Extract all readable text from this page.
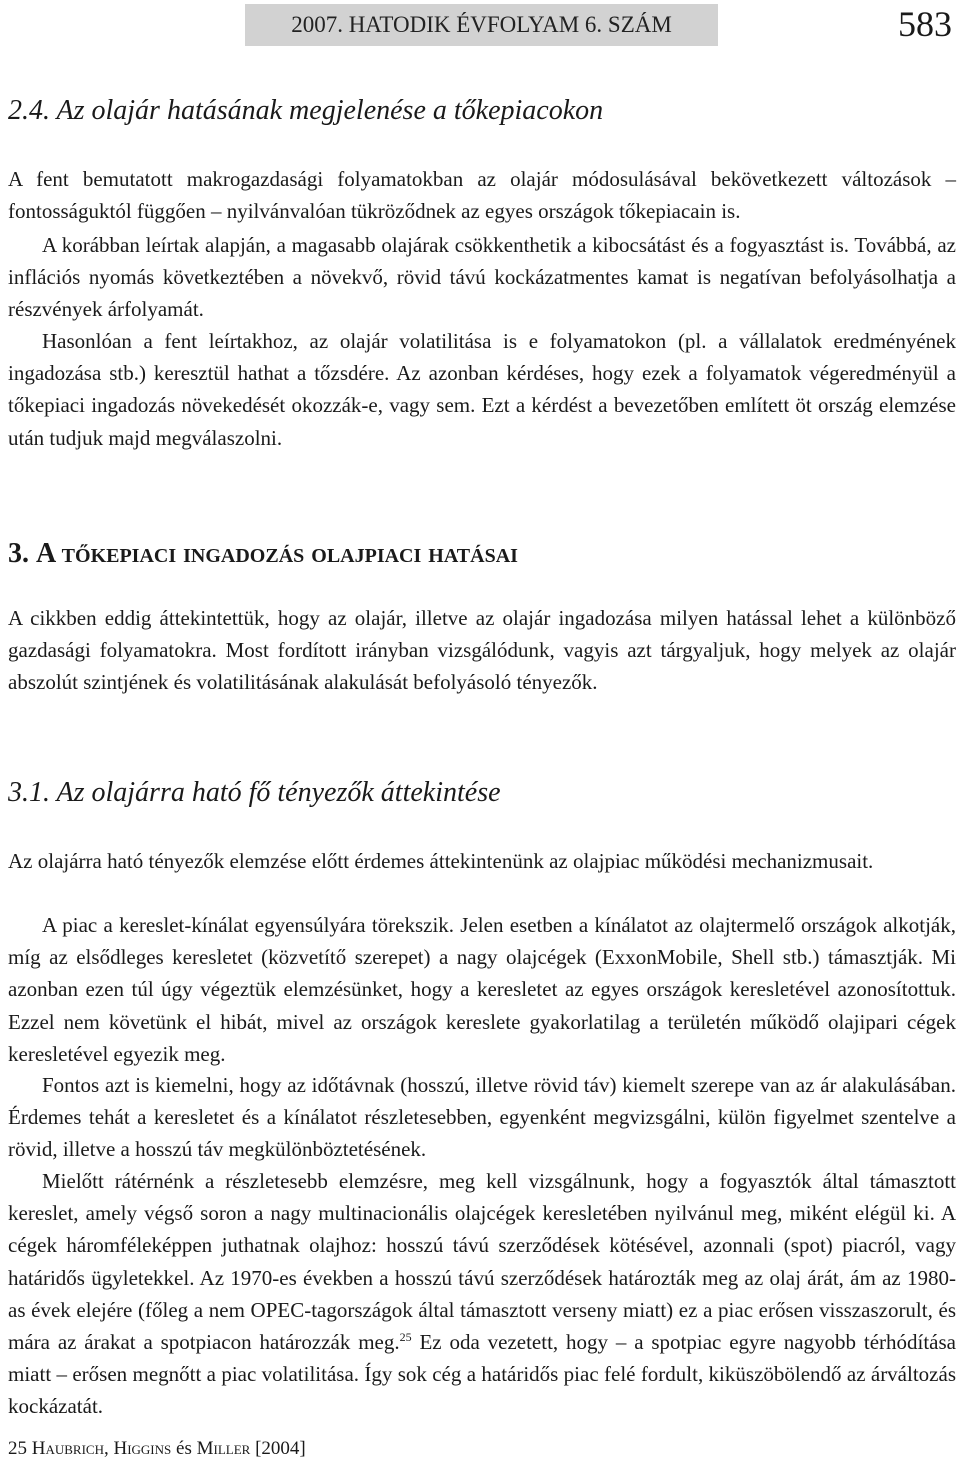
2007. HATODIK ÉVFOLYAM 6. SZÁM	583
2.4. Az olajár hatásának megjelenése a tőkepiacokon

A fent bemutatott makrogazdasági folyamatokban az olajár módosulásával bekövetkezett változások – fontosságuktól függően – nyilvánvalóan tükröződnek az egyes országok tőkepiacain is.

A korábban leírtak alapján, a magasabb olajárak csökkenthetik a kibocsátást és a fogyasztást is. Továbbá, az inflációs nyomás következtében a növekvő, rövid távú kockázatmentes kamat is negatívan befolyásolhatja a részvények árfolyamát.

Hasonlóan a fent leírtakhoz, az olajár volatilitása is e folyamatokon (pl. a vállalatok eredményének ingadozása stb.) keresztül hathat a tőzsdére. Az azonban kérdéses, hogy ezek a folyamatok végeredményül a tőkepiaci ingadozás növekedését okozzák-e, vagy sem. Ezt a kérdést a bevezetőben említett öt ország elemzése után tudjuk majd megválaszolni.

3. A tőkepiaci ingadozás olajpiaci hatásai

A cikkben eddig áttekintettük, hogy az olajár, illetve az olajár ingadozása milyen hatással lehet a különböző gazdasági folyamatokra. Most fordított irányban vizsgálódunk, vagyis azt tárgyaljuk, hogy melyek az olajár abszolút szintjének és volatilitásának alakulását befolyásoló tényezők.

3.1. Az olajárra ható fő tényezők áttekintése

Az olajárra ható tényezők elemzése előtt érdemes áttekintenünk az olajpiac működési mechanizmusait.

A piac a kereslet-kínálat egyensúlyára törekszik. Jelen esetben a kínálatot az olajtermelő országok alkotják, míg az elsődleges keresletet (közvetítő szerepet) a nagy olajcégek (ExxonMobile, Shell stb.) támasztják. Mi azonban ezen túl úgy végeztük elemzésünket, hogy a keresletet az egyes országok keresletével azonosítottuk. Ezzel nem követünk el hibát, mivel az országok kereslete gyakorlatilag a területén működő olajipari cégek keresletével egyezik meg.

Fontos azt is kiemelni, hogy az időtávnak (hosszú, illetve rövid táv) kiemelt szerepe van az ár alakulásában. Érdemes tehát a keresletet és a kínálatot részletesebben, egyenként megvizsgálni, külön figyelmet szentelve a rövid, illetve a hosszú táv megkülönböztetésének.

Mielőtt rátérnénk a részletesebb elemzésre, meg kell vizsgálnunk, hogy a fogyasztók által támasztott kereslet, amely végső soron a nagy multinacionális olajcégek keresletében nyilvánul meg, miként elégül ki. A cégek háromféleképpen juthatnak olajhoz: hosszú távú szerződések kötésével, azonnali (spot) piacról, vagy határidős ügyletekkel. Az 1970-es években a hosszú távú szerződések határozták meg az olaj árát, ám az 1980-as évek elejére (főleg a nem OPEC-tagországok által támasztott verseny miatt) ez a piac erősen visszaszorult, és mára az árakat a spotpiacon határozzák meg.$^{25}$ Ez oda vezetett, hogy – a spotpiac egyre nagyobb térhódítása miatt – erősen megnőtt a piac volatilitása. Így sok cég a határidős piac felé fordult, kiküszöbölendő az árváltozás kockázatát.

25 Haubrich, Higgins és Miller [2004]
